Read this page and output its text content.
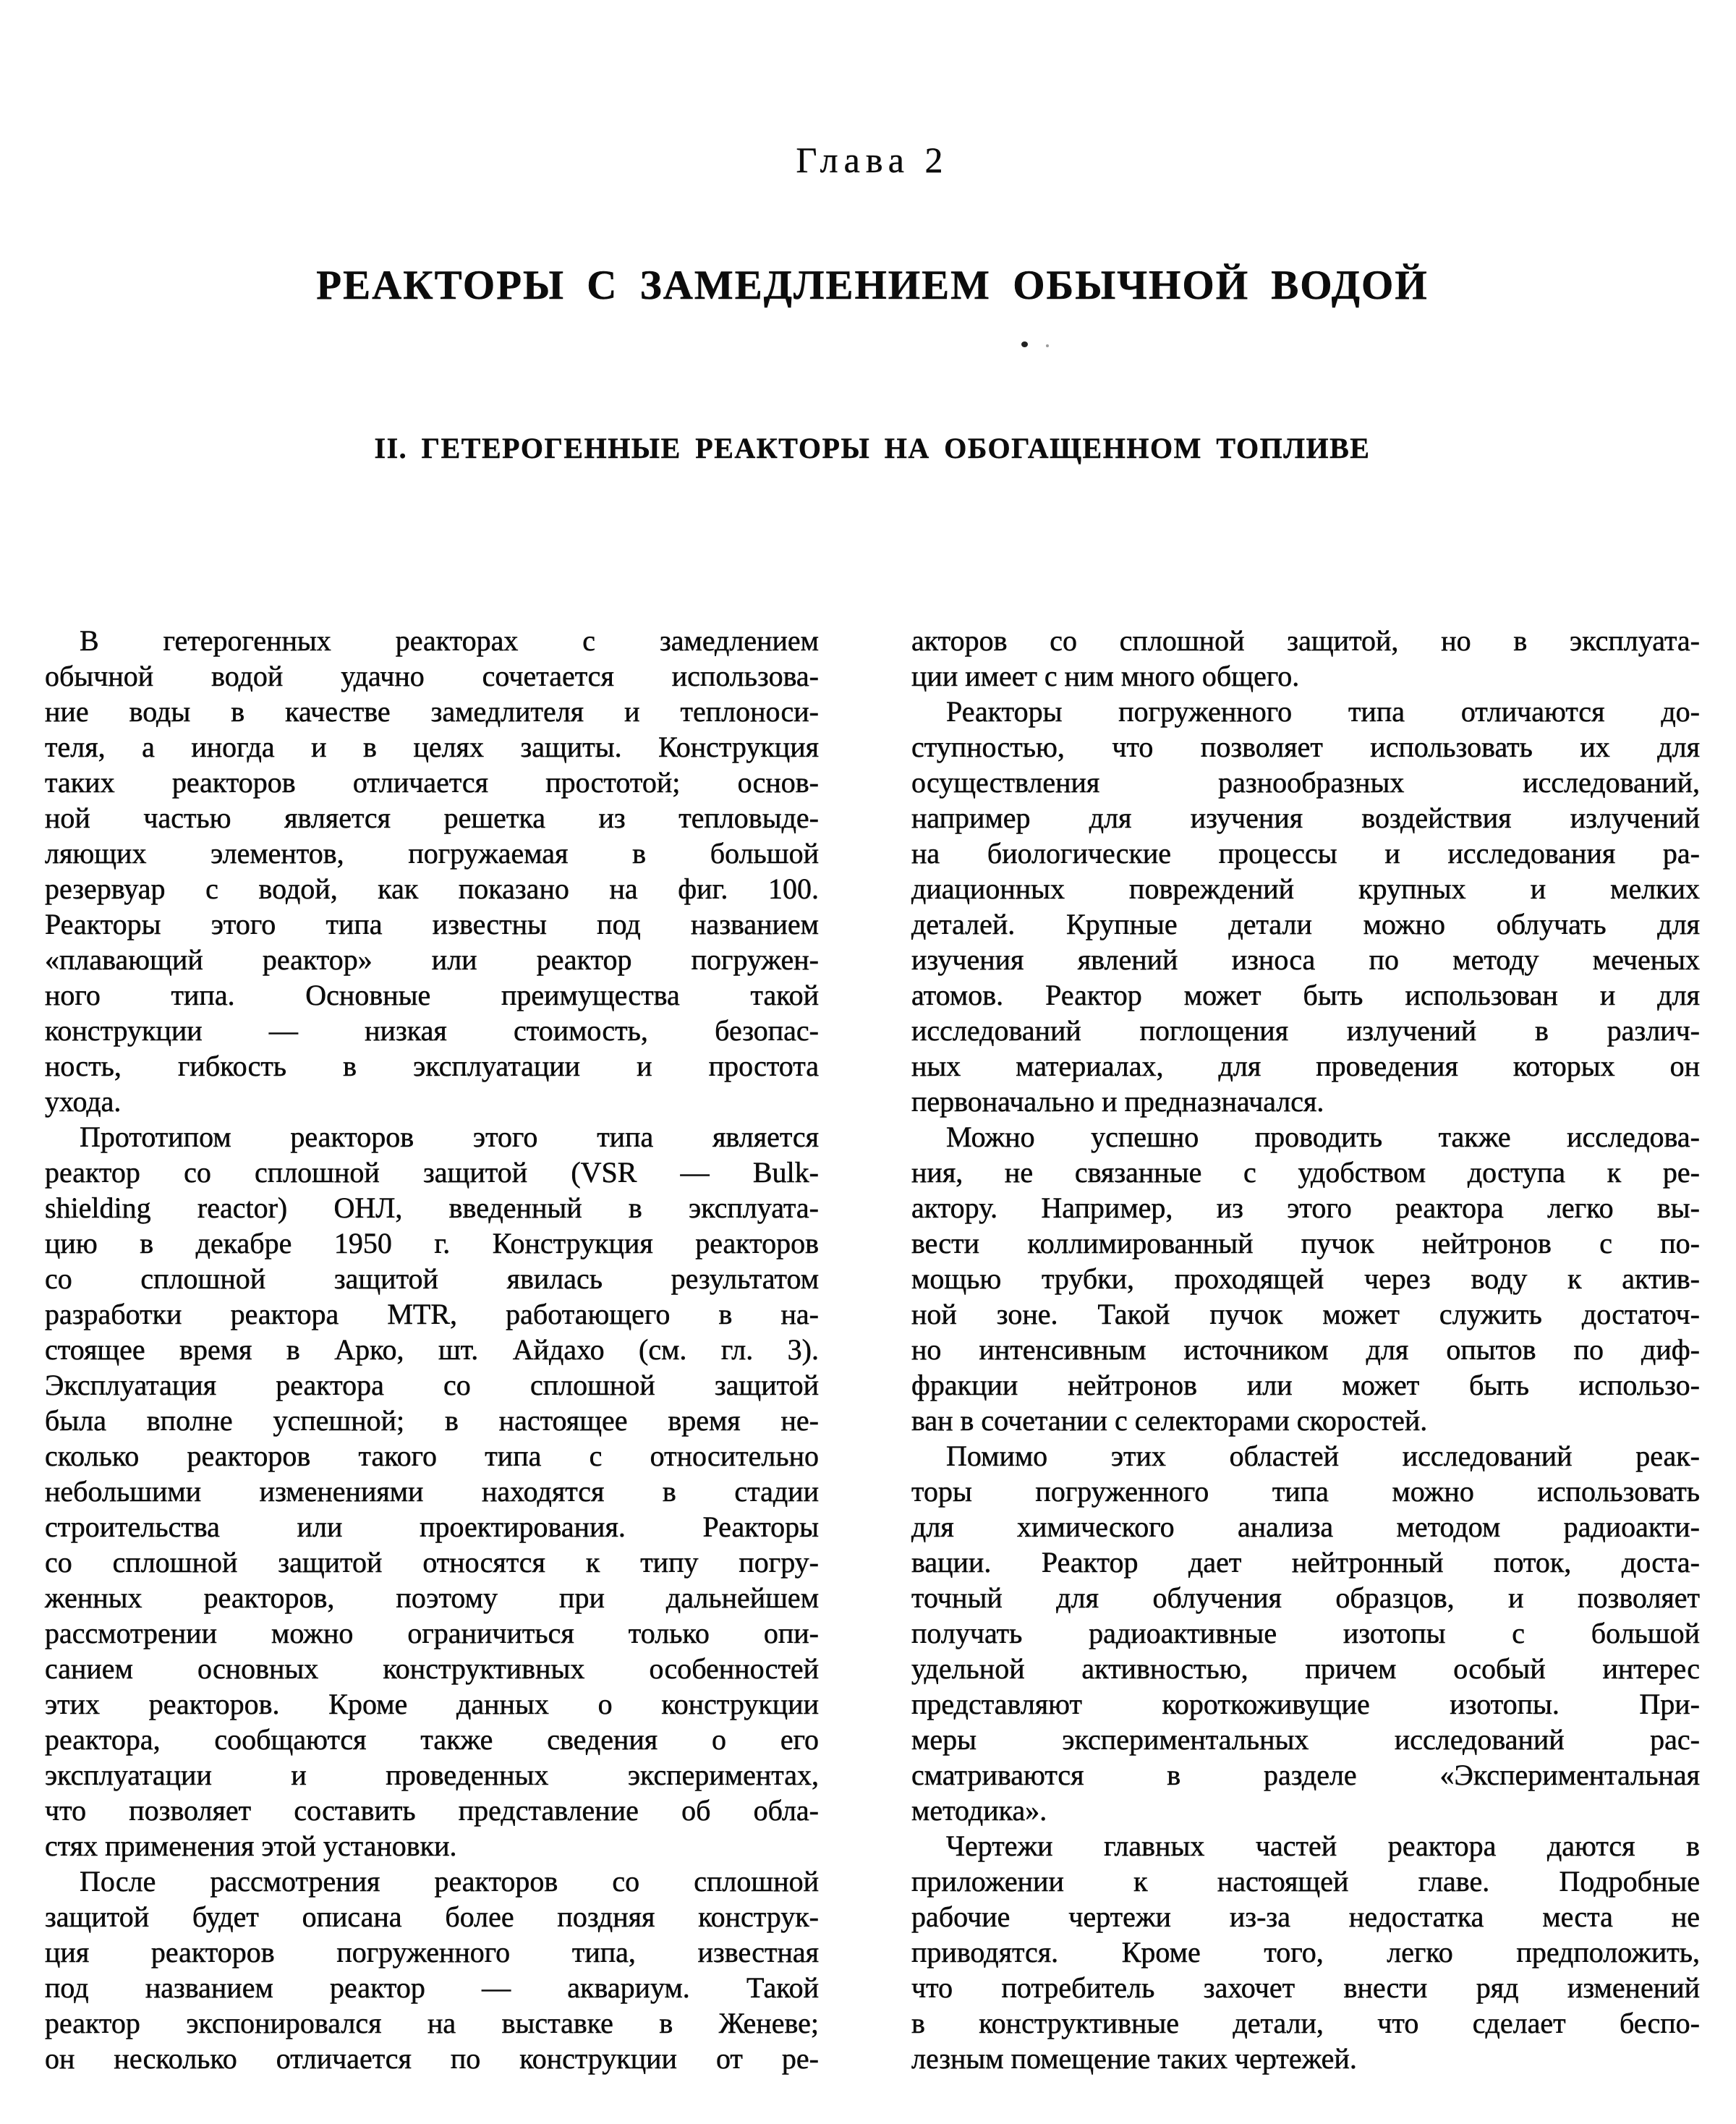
Глава 2
РЕАКТОРЫ С ЗАМЕДЛЕНИЕМ ОБЫЧНОЙ ВОДОЙ
II. ГЕТЕРОГЕННЫЕ РЕАКТОРЫ НА ОБОГАЩЕННОМ ТОПЛИВЕ
В гетерогенных реакторах с замедлением
обычной водой удачно сочетается использова-
ние воды в качестве замедлителя и теплоноси-
теля, а иногда и в целях защиты. Конструкция
таких реакторов отличается простотой; основ-
ной частью является решетка из тепловыде-
ляющих элементов, погружаемая в большой
резервуар с водой, как показано на фиг. 100.
Реакторы этого типа известны под названием
«плавающий реактор» или реактор погружен-
ного типа. Основные преимущества такой
конструкции — низкая стоимость, безопас-
ность, гибкость в эксплуатации и простота
ухода.
Прототипом реакторов этого типа является
реактор со сплошной защитой (VSR — Bulk-
shielding reactor) ОНЛ, введенный в эксплуата-
цию в декабре 1950 г. Конструкция реакторов
со сплошной защитой явилась результатом
разработки реактора MTR, работающего в на-
стоящее время в Арко, шт. Айдахо (см. гл. 3).
Эксплуатация реактора со сплошной защитой
была вполне успешной; в настоящее время не-
сколько реакторов такого типа с относительно
небольшими изменениями находятся в стадии
строительства или проектирования. Реакторы
со сплошной защитой относятся к типу погру-
женных реакторов, поэтому при дальнейшем
рассмотрении можно ограничиться только опи-
санием основных конструктивных особенностей
этих реакторов. Кроме данных о конструкции
реактора, сообщаются также сведения о его
эксплуатации и проведенных экспериментах,
что позволяет составить представление об обла-
стях применения этой установки.
После рассмотрения реакторов со сплошной
защитой будет описана более поздняя конструк-
ция реакторов погруженного типа, известная
под названием реактор — аквариум. Такой
реактор экспонировался на выставке в Женеве;
он несколько отличается по конструкции от ре-
акторов со сплошной защитой, но в эксплуата-
ции имеет с ним много общего.
Реакторы погруженного типа отличаются до-
ступностью, что позволяет использовать их для
осуществления разнообразных исследований,
например для изучения воздействия излучений
на биологические процессы и исследования ра-
диационных повреждений крупных и мелких
деталей. Крупные детали можно облучать для
изучения явлений износа по методу меченых
атомов. Реактор может быть использован и для
исследований поглощения излучений в различ-
ных материалах, для проведения которых он
первоначально и предназначался.
Можно успешно проводить также исследова-
ния, не связанные с удобством доступа к ре-
актору. Например, из этого реактора легко вы-
вести коллимированный пучок нейтронов с по-
мощью трубки, проходящей через воду к актив-
ной зоне. Такой пучок может служить достаточ-
но интенсивным источником для опытов по диф-
фракции нейтронов или может быть использо-
ван в сочетании с селекторами скоростей.
Помимо этих областей исследований реак-
торы погруженного типа можно использовать
для химического анализа методом радиоакти-
вации. Реактор дает нейтронный поток, доста-
точный для облучения образцов, и позволяет
получать радиоактивные изотопы с большой
удельной активностью, причем особый интерес
представляют короткоживущие изотопы. При-
меры экспериментальных исследований рас-
сматриваются в разделе «Экспериментальная
методика».
Чертежи главных частей реактора даются в
приложении к настоящей главе. Подробные
рабочие чертежи из-за недостатка места не
приводятся. Кроме того, легко предположить,
что потребитель захочет внести ряд изменений
в конструктивные детали, что сделает беспо-
лезным помещение таких чертежей.
